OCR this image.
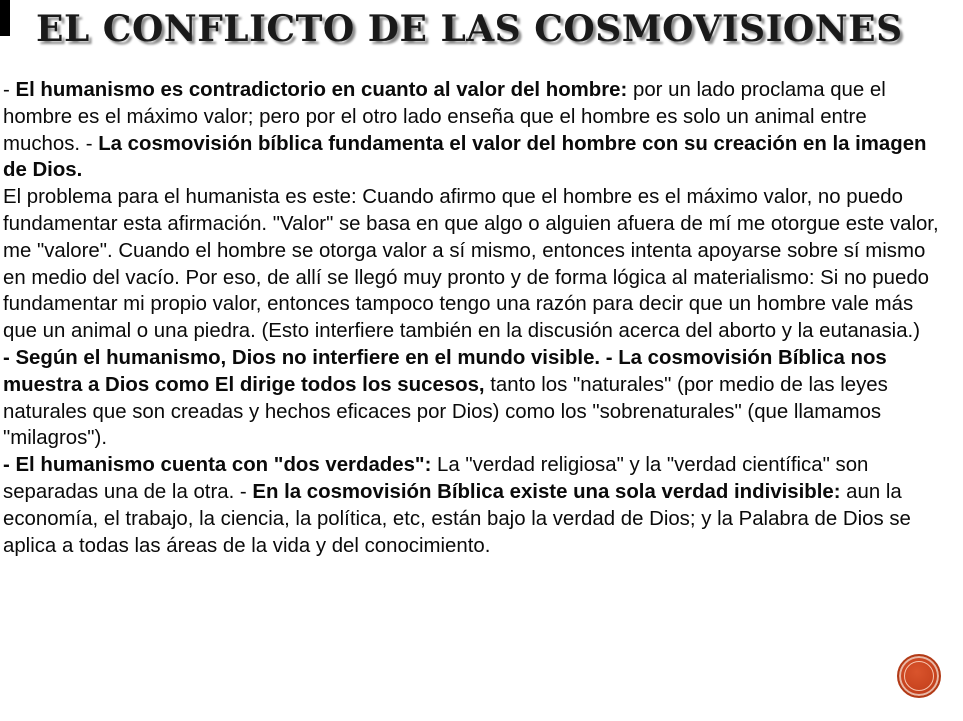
EL CONFLICTO DE LAS COSMOVISIONES

- El humanismo es contradictorio en cuanto al valor del hombre: por un lado proclama que el hombre es el máximo valor; pero por el otro lado enseña que el hombre es solo un animal entre muchos. - La cosmovisión bíblica fundamenta el valor del hombre con su creación en la imagen de Dios.

El problema para el humanista es este: Cuando afirmo que el hombre es el máximo valor, no puedo fundamentar esta afirmación. "Valor" se basa en que algo o alguien afuera de mí me otorgue este valor, me "valore". Cuando el hombre se otorga valor a sí mismo, entonces intenta apoyarse sobre sí mismo en medio del vacío. Por eso, de allí se llegó muy pronto y de forma lógica al materialismo: Si no puedo fundamentar mi propio valor, entonces tampoco tengo una razón para decir que un hombre vale más que un animal o una piedra. (Esto interfiere también en la discusión acerca del aborto y la eutanasia.)

- Según el humanismo, Dios no interfiere en el mundo visible. - La cosmovisión Bíblica nos muestra a Dios como El dirige todos los sucesos, tanto los "naturales" (por medio de las leyes naturales que son creadas y hechos eficaces por Dios) como los "sobrenaturales" (que llamamos "milagros").

- El humanismo cuenta con "dos verdades": La "verdad religiosa" y la "verdad científica" son separadas una de la otra. - En la cosmovisión Bíblica existe una sola verdad indivisible: aun la economía, el trabajo, la ciencia, la política, etc, están bajo la verdad de Dios; y la Palabra de Dios se aplica a todas las áreas de la vida y del conocimiento.
